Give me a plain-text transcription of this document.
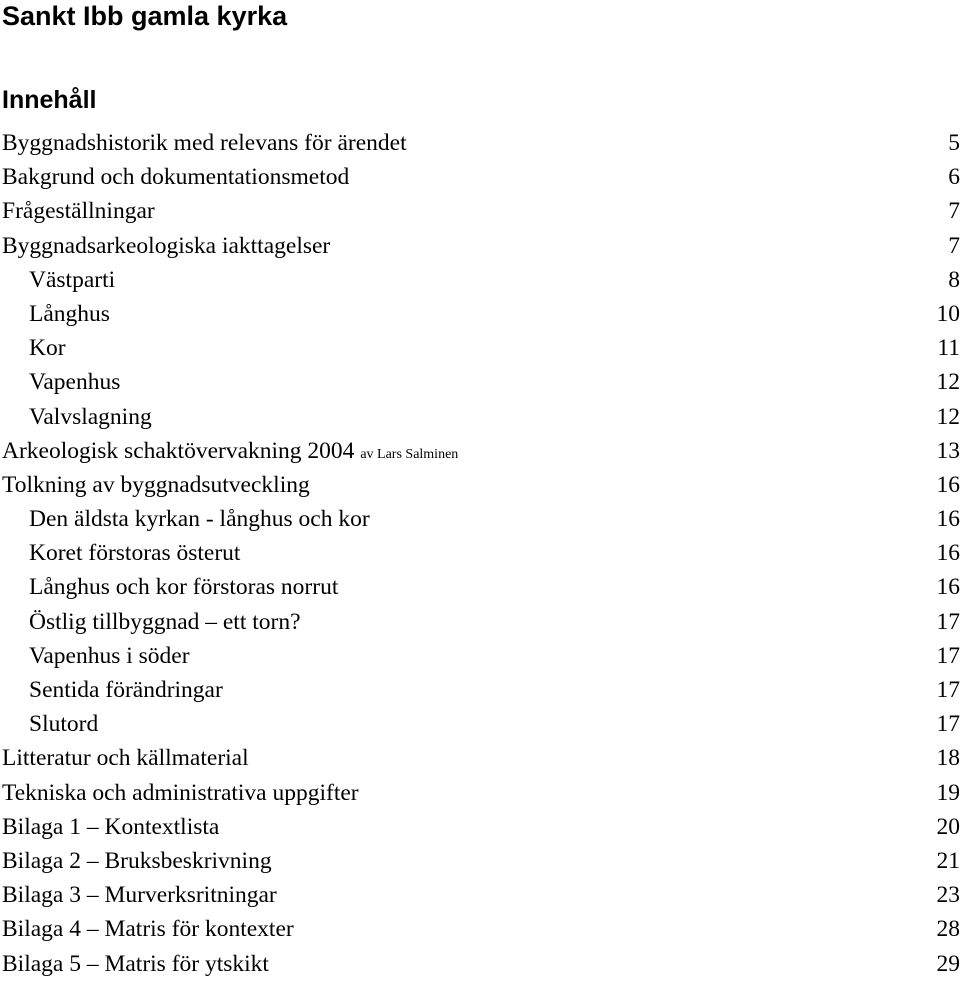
Sankt Ibb gamla kyrka
Innehåll
Byggnadshistorik med relevans för ärendet	5
Bakgrund och dokumentationsmetod	6
Frågeställningar	7
Byggnadsarkeologiska iakttagelser	7
Västparti	8
Långhus	10
Kor	11
Vapenhus	12
Valvslagning	12
Arkeologisk schaktövervakning 2004 av Lars Salminen	13
Tolkning av byggnadsutveckling	16
Den äldsta kyrkan - långhus och kor	16
Koret förstoras österut	16
Långhus och kor förstoras norrut	16
Östlig tillbyggnad – ett torn?	17
Vapenhus i söder	17
Sentida förändringar	17
Slutord	17
Litteratur och källmaterial	18
Tekniska och administrativa uppgifter	19
Bilaga 1 – Kontextlista	20
Bilaga 2 – Bruksbeskrivning	21
Bilaga 3 – Murverksritningar	23
Bilaga 4 – Matris för kontexter	28
Bilaga 5 – Matris för ytskikt	29
